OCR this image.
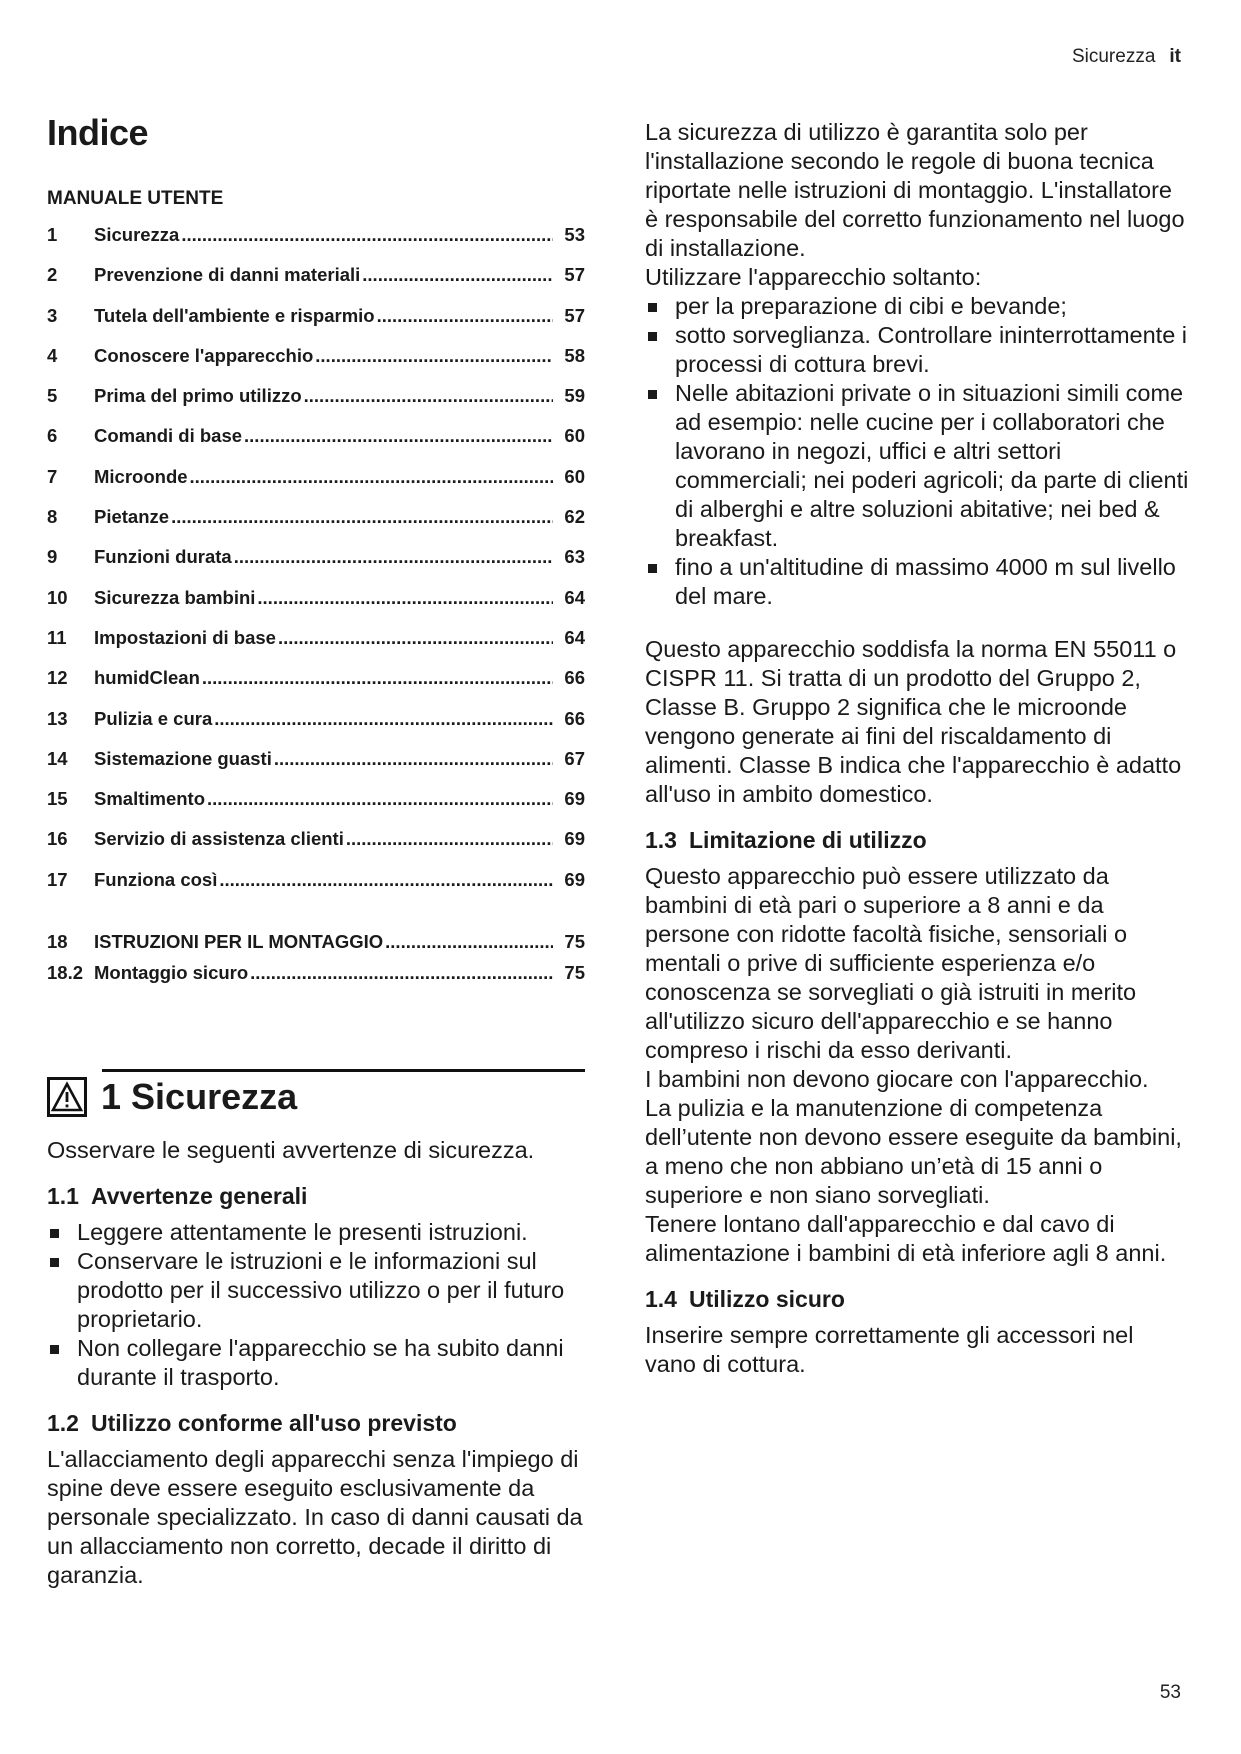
Sicurezza it
Indice
MANUALE UTENTE
1	Sicurezza .....	53
2	Prevenzione di danni materiali .....	57
3	Tutela dell'ambiente e risparmio .....	57
4	Conoscere l'apparecchio .....	58
5	Prima del primo utilizzo .....	59
6	Comandi di base .....	60
7	Microonde .....	60
8	Pietanze .....	62
9	Funzioni durata .....	63
10	Sicurezza bambini .....	64
11	Impostazioni di base .....	64
12	humidClean .....	66
13	Pulizia e cura .....	66
14	Sistemazione guasti .....	67
15	Smaltimento .....	69
16	Servizio di assistenza clienti .....	69
17	Funziona così .....	69
18	ISTRUZIONI PER IL MONTAGGIO .....	75
18.2 Montaggio sicuro .....	75
1 Sicurezza

Osservare le seguenti avvertenze di sicurezza.

1.1 Avvertenze generali
Leggere attentamente le presenti istruzioni.
Conservare le istruzioni e le informazioni sul prodotto per il successivo utilizzo o per il futuro proprietario.
Non collegare l'apparecchio se ha subito danni durante il trasporto.
1.2 Utilizzo conforme all'uso previsto

L'allacciamento degli apparecchi senza l'impiego di spine deve essere eseguito esclusivamente da personale specializzato. In caso di danni causati da un allacciamento non corretto, decade il diritto di garanzia.

La sicurezza di utilizzo è garantita solo per l'installazione secondo le regole di buona tecnica riportate nelle istruzioni di montaggio. L'installatore è responsabile del corretto funzionamento nel luogo di installazione.

Utilizzare l'apparecchio soltanto:

per la preparazione di cibi e bevande;
sotto sorveglianza. Controllare ininterrottamente i processi di cottura brevi.
Nelle abitazioni private o in situazioni simili come ad esempio: nelle cucine per i collaboratori che lavorano in negozi, uffici e altri settori commerciali; nei poderi agricoli; da parte di clienti di alberghi e altre soluzioni abitative; nei bed & breakfast.
fino a un'altitudine di massimo 4000 m sul livello del mare.

Questo apparecchio soddisfa la norma EN 55011 o CISPR 11. Si tratta di un prodotto del Gruppo 2, Classe B. Gruppo 2 significa che le microonde vengono generate ai fini del riscaldamento di alimenti. Classe B indica che l'apparecchio è adatto all'uso in ambito domestico.

1.3 Limitazione di utilizzo

Questo apparecchio può essere utilizzato da bambini di età pari o superiore a 8 anni e da persone con ridotte facoltà fisiche, sensoriali o mentali o prive di sufficiente esperienza e/o conoscenza se sorvegliati o già istruiti in merito all'utilizzo sicuro dell'apparecchio e se hanno compreso i rischi da esso derivanti.

I bambini non devono giocare con l'apparecchio.

La pulizia e la manutenzione di competenza dell’utente non devono essere eseguite da bambini, a meno che non abbiano un’età di 15 anni o superiore e non siano sorvegliati.

Tenere lontano dall'apparecchio e dal cavo di alimentazione i bambini di età inferiore agli 8 anni.

1.4 Utilizzo sicuro

Inserire sempre correttamente gli accessori nel vano di cottura.

53
